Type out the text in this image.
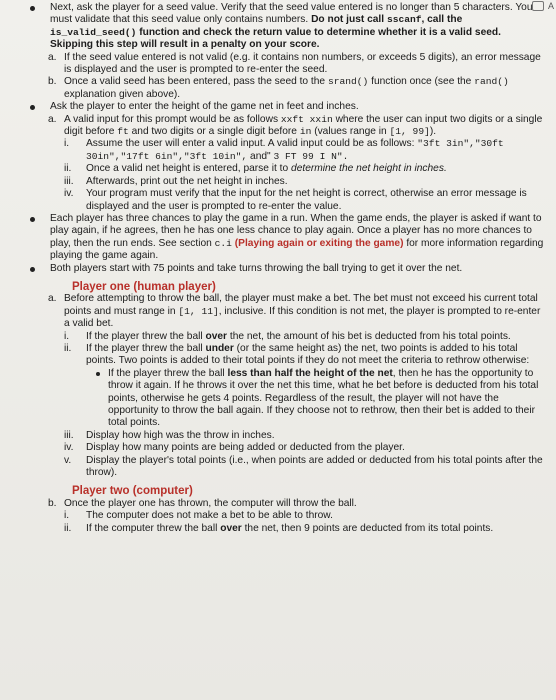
A
Next, ask the player for a seed value. Verify that the seed value entered is no longer than 5 characters. You must validate that this seed value only contains numbers. Do not just call sscanf, call the is_valid_seed() function and check the return value to determine whether it is a valid seed. Skipping this step will result in a penalty on your score.
a. If the seed value entered is not valid (e.g. it contains non numbers, or exceeds 5 digits), an error message is displayed and the user is prompted to re-enter the seed.
b. Once a valid seed has been entered, pass the seed to the srand() function once (see the rand() explanation given above).
Ask the player to enter the height of the game net in feet and inches.
a. A valid input for this prompt would be as follows xxft xxin where the user can input two digits or a single digit before ft and two digits or a single digit before in (values range in [1, 99]).
i. Assume the user will enter a valid input. A valid input could be as follows: "3ft 3in","30ft 30in","17ft 6in","3ft 10in", and" 3 FT 99 I N".
ii. Once a valid net height is entered, parse it to determine the net height in inches.
iii. Afterwards, print out the net height in inches.
iv. Your program must verify that the input for the net height is correct, otherwise an error message is displayed and the user is prompted to re-enter the value.
Each player has three chances to play the game in a run. When the game ends, the player is asked if want to play again, if he agrees, then he has one less chance to play again. Once a player has no more chances to play, then the run ends. See section c.i (Playing again or exiting the game) for more information regarding playing the game again.
Both players start with 75 points and take turns throwing the ball trying to get it over the net.
Player one (human player)
a. Before attempting to throw the ball, the player must make a bet. The bet must not exceed his current total points and must range in [1, 11], inclusive. If this condition is not met, the player is prompted to re-enter a valid bet.
i. If the player threw the ball over the net, the amount of his bet is deducted from his total points.
ii. If the player threw the ball under (or the same height as) the net, two points is added to his total points. Two points is added to their total points if they do not meet the criteria to rethrow otherwise:
If the player threw the ball less than half the height of the net, then he has the opportunity to throw it again. If he throws it over the net this time, what he bet before is deducted from his total points, otherwise he gets 4 points. Regardless of the result, the player will not have the opportunity to throw the ball again. If they choose not to rethrow, then their bet is added to their total points.
iii. Display how high was the throw in inches.
iv. Display how many points are being added or deducted from the player.
v. Display the player's total points (i.e., when points are added or deducted from his total points after the throw).
Player two (computer)
b. Once the player one has thrown, the computer will throw the ball.
i. The computer does not make a bet to be able to throw.
ii. If the computer threw the ball over the net, then 9 points are deducted from its total points.
